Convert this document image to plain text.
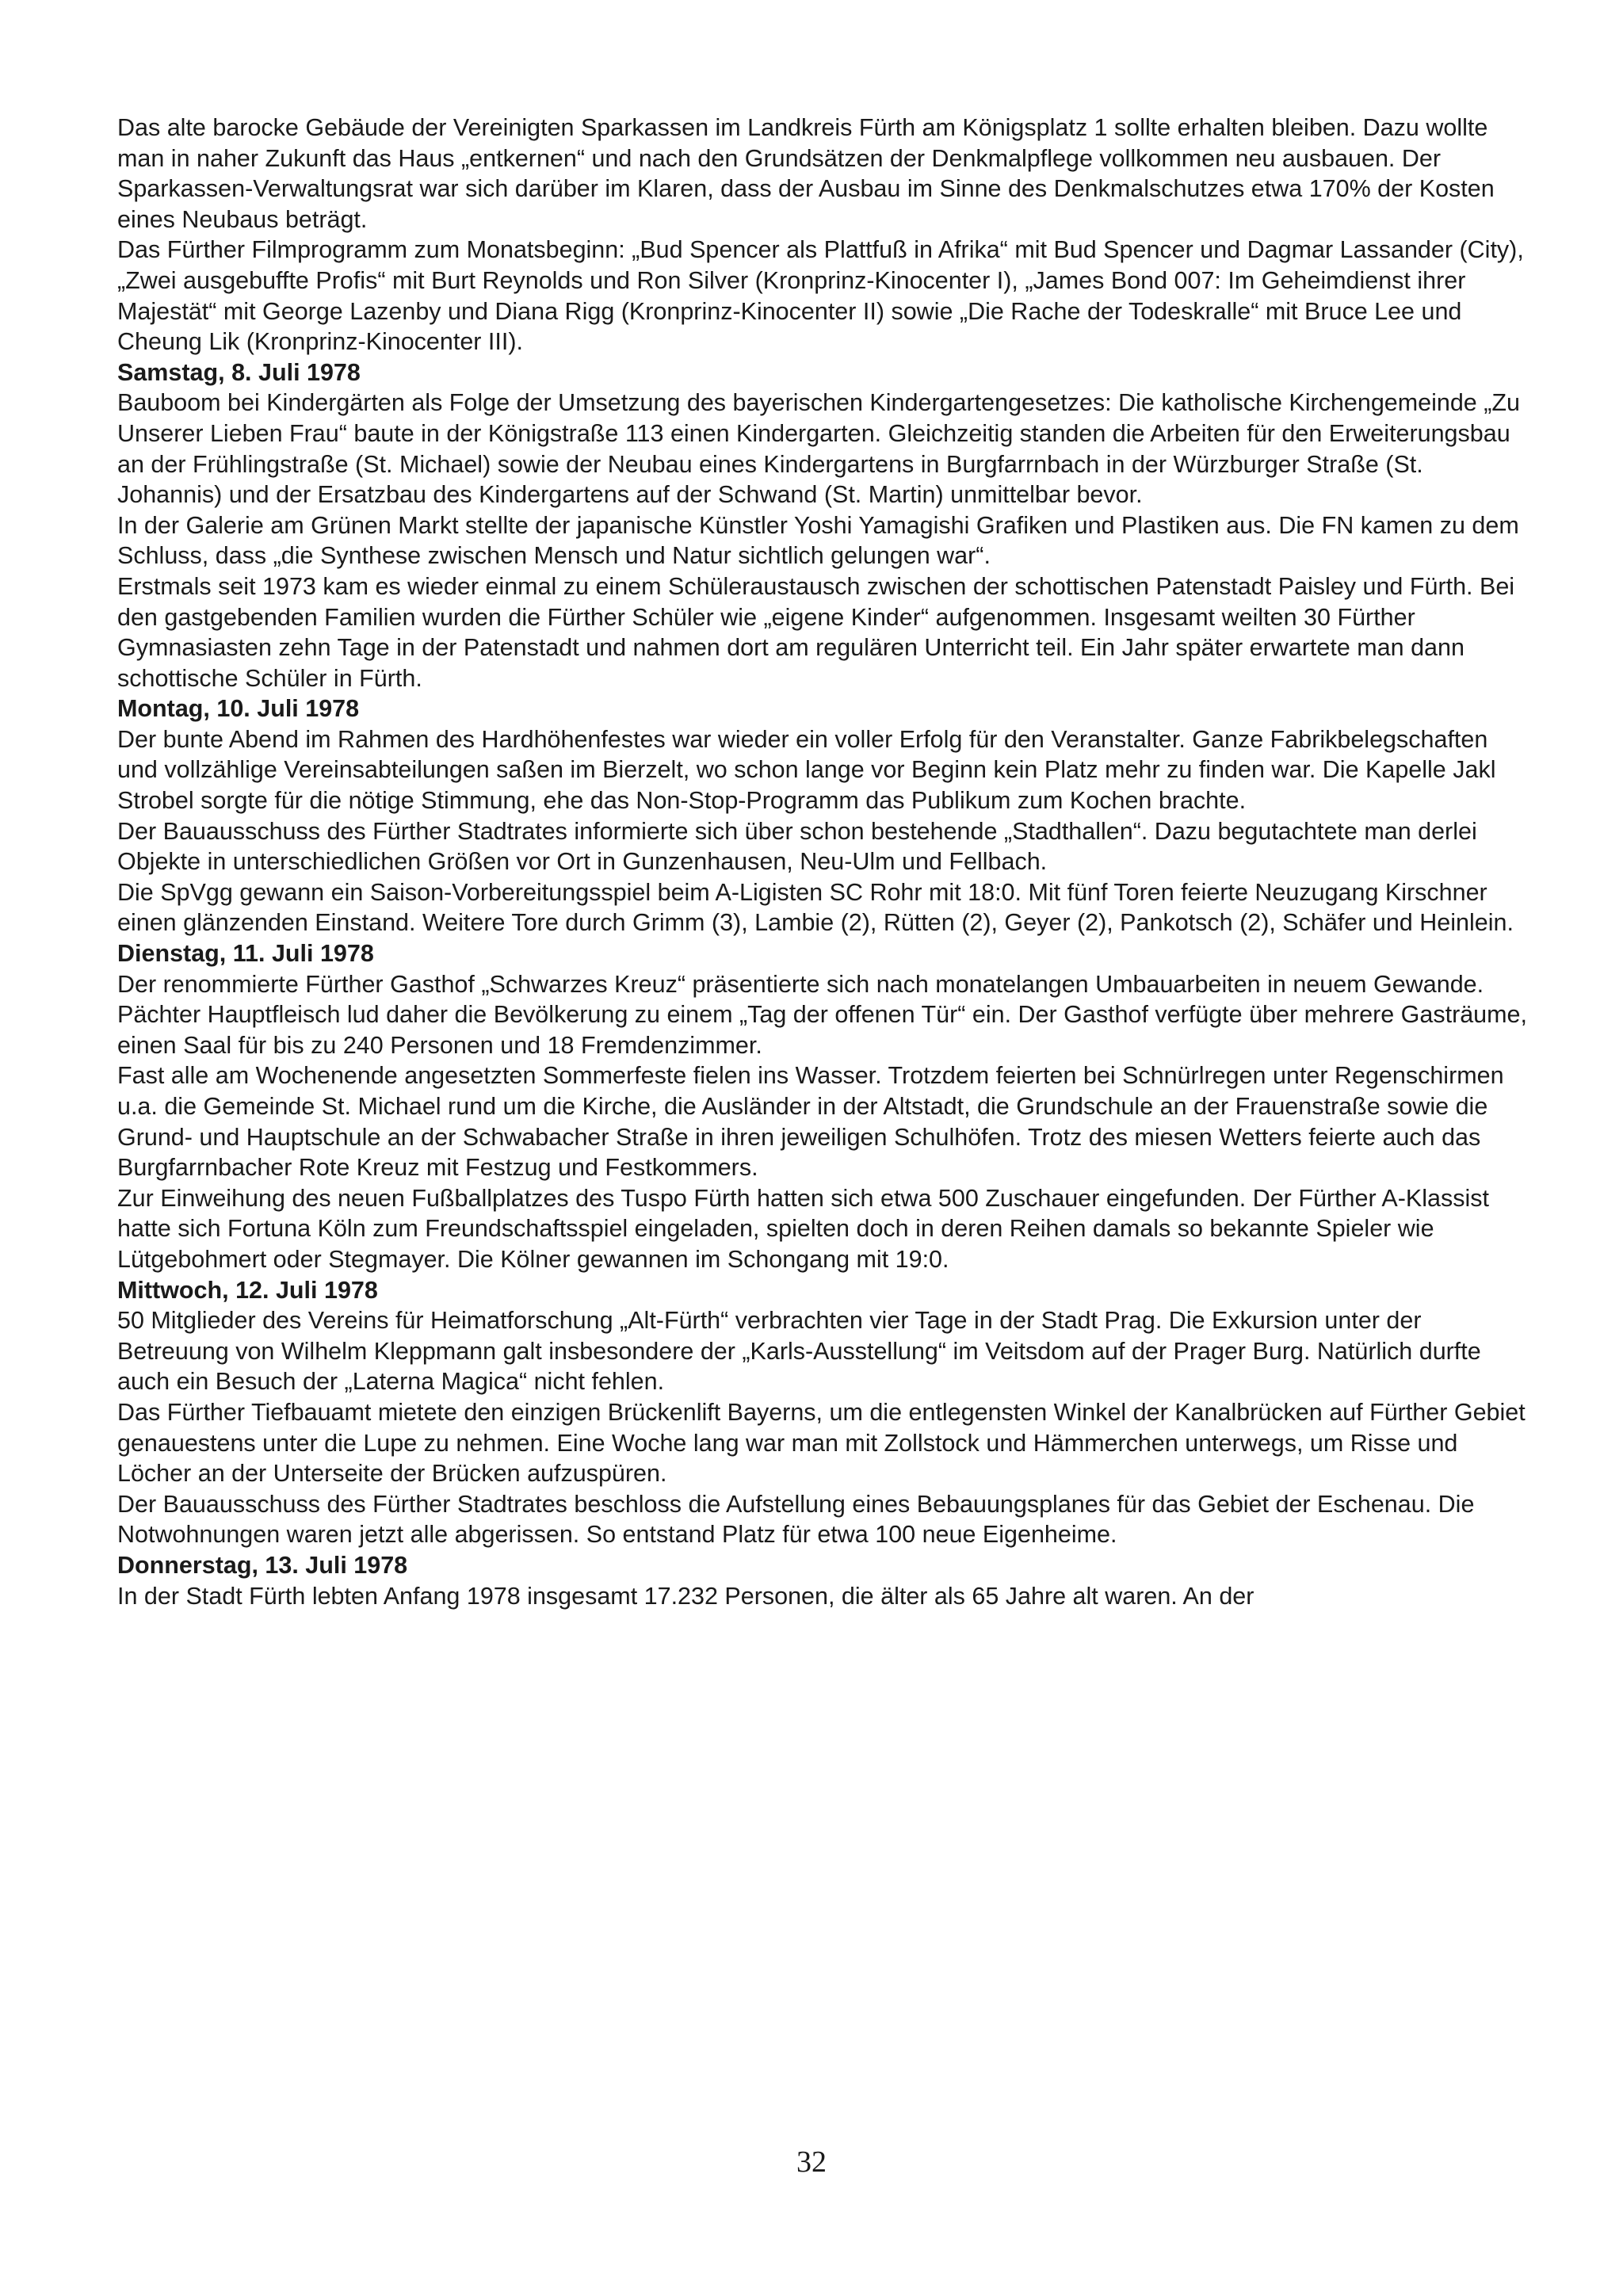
Das alte barocke Gebäude der Vereinigten Sparkassen im Landkreis Fürth am Königsplatz 1 sollte erhalten bleiben. Dazu wollte man in naher Zukunft das Haus „entkernen“ und nach den Grundsätzen der Denkmalpflege vollkommen neu ausbauen. Der Sparkassen-Verwaltungsrat war sich darüber im Klaren, dass der Ausbau im Sinne des Denkmalschutzes etwa 170% der Kosten eines Neubaus beträgt.

Das Fürther Filmprogramm zum Monatsbeginn: „Bud Spencer als Plattfuß in Afrika“ mit Bud Spencer und Dagmar Lassander (City), „Zwei ausgebuffte Profis“ mit Burt Reynolds und Ron Silver (Kronprinz-Kinocenter I), „James Bond 007: Im Geheimdienst ihrer Majestät“ mit George Lazenby und Diana Rigg (Kronprinz-Kinocenter II) sowie „Die Rache der Todeskralle“ mit Bruce Lee und Cheung Lik (Kronprinz-Kinocenter III).

Samstag, 8. Juli 1978

Bauboom bei Kindergärten als Folge der Umsetzung des bayerischen Kindergartengesetzes: Die katholische Kirchengemeinde „Zu Unserer Lieben Frau“ baute in der Königstraße 113 einen Kindergarten. Gleichzeitig standen die Arbeiten für den Erweiterungsbau an der Frühlingstraße (St. Michael) sowie der Neubau eines Kindergartens in Burgfarrnbach in der Würzburger Straße (St. Johannis) und der Ersatzbau des Kindergartens auf der Schwand (St. Martin) unmittelbar bevor.

In der Galerie am Grünen Markt stellte der japanische Künstler Yoshi Yamagishi Grafiken und Plastiken aus. Die FN kamen zu dem Schluss, dass „die Synthese zwischen Mensch und Natur sichtlich gelungen war“.

Erstmals seit 1973 kam es wieder einmal zu einem Schüleraustausch zwischen der schottischen Patenstadt Paisley und Fürth. Bei den gastgebenden Familien wurden die Fürther Schüler wie „eigene Kinder“ aufgenommen. Insgesamt weilten 30 Fürther Gymnasiasten zehn Tage in der Patenstadt und nahmen dort am regulären Unterricht teil. Ein Jahr später erwartete man dann schottische Schüler in Fürth.

Montag, 10. Juli 1978

Der bunte Abend im Rahmen des Hardhöhenfestes war wieder ein voller Erfolg für den Veranstalter. Ganze Fabrikbelegschaften und vollzählige Vereinsabteilungen saßen im Bierzelt, wo schon lange vor Beginn kein Platz mehr zu finden war. Die Kapelle Jakl Strobel sorgte für die nötige Stimmung, ehe das Non-Stop-Programm das Publikum zum Kochen brachte.

Der Bauausschuss des Fürther Stadtrates informierte sich über schon bestehende „Stadthallen“. Dazu begutachtete man derlei Objekte in unterschiedlichen Größen vor Ort in Gunzenhausen, Neu-Ulm und Fellbach.

Die SpVgg gewann ein Saison-Vorbereitungsspiel beim A-Ligisten SC Rohr mit 18:0. Mit fünf Toren feierte Neuzugang Kirschner einen glänzenden Einstand. Weitere Tore durch Grimm (3), Lambie (2), Rütten (2), Geyer (2), Pankotsch (2), Schäfer und Heinlein.

Dienstag, 11. Juli 1978

Der renommierte Fürther Gasthof „Schwarzes Kreuz“ präsentierte sich nach monatelangen Umbauarbeiten in neuem Gewande. Pächter Hauptfleisch lud daher die Bevölkerung zu einem „Tag der offenen Tür“ ein. Der Gasthof verfügte über mehrere Gasträume, einen Saal für bis zu 240 Personen und 18 Fremdenzimmer.

Fast alle am Wochenende angesetzten Sommerfeste fielen ins Wasser. Trotzdem feierten bei Schnürlregen unter Regenschirmen u.a. die Gemeinde St. Michael rund um die Kirche, die Ausländer in der Altstadt, die Grundschule an der Frauenstraße sowie die Grund- und Hauptschule an der Schwabacher Straße in ihren jeweiligen Schulhöfen. Trotz des miesen Wetters feierte auch das Burgfarrnbacher Rote Kreuz mit Festzug und Festkommers.

Zur Einweihung des neuen Fußballplatzes des Tuspo Fürth hatten sich etwa 500 Zuschauer eingefunden. Der Fürther A-Klassist hatte sich Fortuna Köln zum Freundschaftsspiel eingeladen, spielten doch in deren Reihen damals so bekannte Spieler wie Lütgebohmert oder Stegmayer. Die Kölner gewannen im Schongang mit 19:0.

Mittwoch, 12. Juli 1978

50 Mitglieder des Vereins für Heimatforschung „Alt-Fürth“ verbrachten vier Tage in der Stadt Prag. Die Exkursion unter der Betreuung von Wilhelm Kleppmann galt insbesondere der „Karls-Ausstellung“ im Veitsdom auf der Prager Burg. Natürlich durfte auch ein Besuch der „Laterna Magica“ nicht fehlen.

Das Fürther Tiefbauamt mietete den einzigen Brückenlift Bayerns, um die entlegensten Winkel der Kanalbrücken auf Fürther Gebiet genauestens unter die Lupe zu nehmen. Eine Woche lang war man mit Zollstock und Hämmerchen unterwegs, um Risse und Löcher an der Unterseite der Brücken aufzuspüren.

Der Bauausschuss des Fürther Stadtrates beschloss die Aufstellung eines Bebauungsplanes für das Gebiet der Eschenau. Die Notwohnungen waren jetzt alle abgerissen. So entstand Platz für etwa 100 neue Eigenheime.

Donnerstag, 13. Juli 1978

In der Stadt Fürth lebten Anfang 1978 insgesamt 17.232 Personen, die älter als 65 Jahre alt waren. An der

32
